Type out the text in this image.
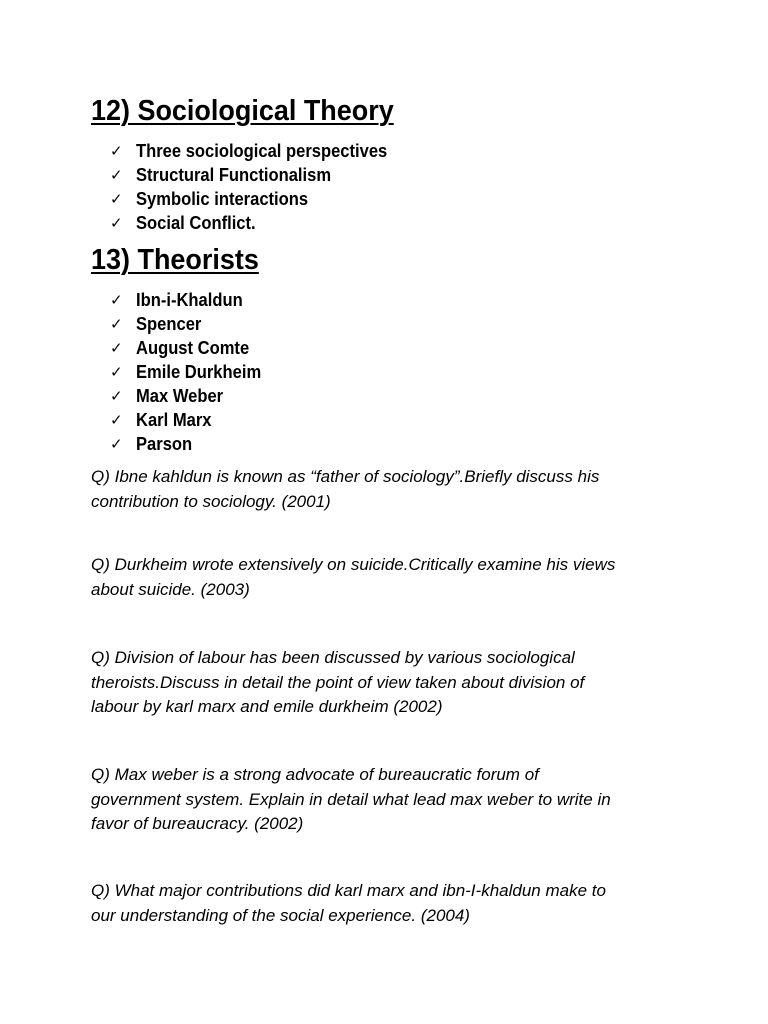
12) Sociological Theory
✓ Three sociological perspectives
✓ Structural Functionalism
✓ Symbolic interactions
✓ Social Conflict.
13) Theorists
✓ Ibn-i-Khaldun
✓ Spencer
✓ August Comte
✓ Emile Durkheim
✓ Max Weber
✓ Karl Marx
✓ Parson

Q) Ibne kahldun is known as “father of sociology”.Briefly discuss his
contribution to sociology. (2001)

Q) Durkheim wrote extensively on suicide.Critically examine his views
about suicide. (2003)

Q) Division of labour has been discussed by various sociological
theroists.Discuss in detail the point of view taken about division of
labour by karl marx and emile durkheim (2002)

Q) Max weber is a strong advocate of bureaucratic forum of
government system. Explain in detail what lead max weber to write in
favor of bureaucracy. (2002)

Q) What major contributions did karl marx and ibn-I-khaldun make to
our understanding of the social experience. (2004)
